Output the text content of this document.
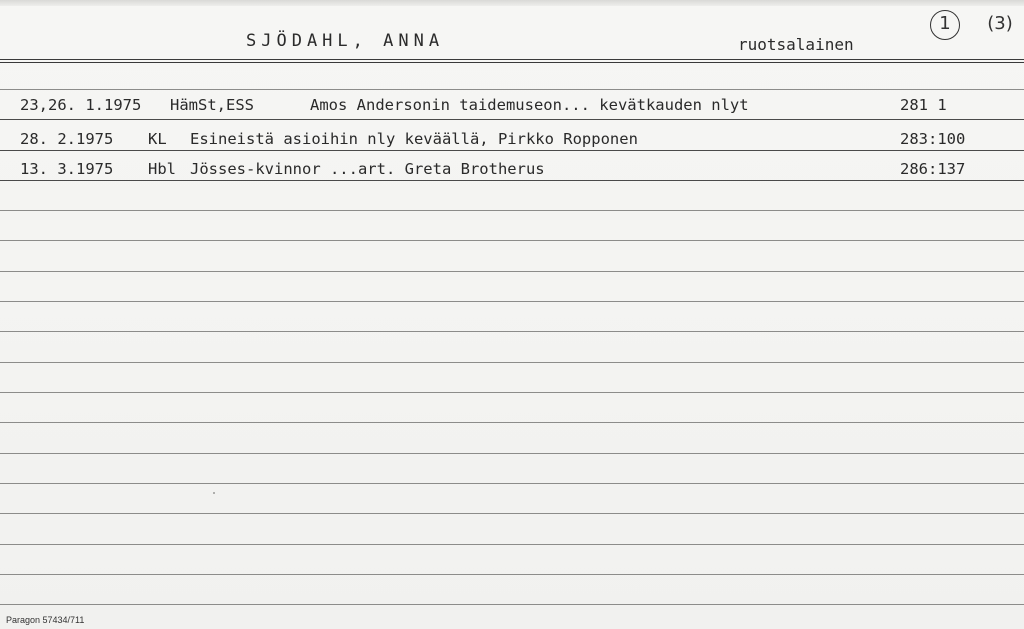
SJÖDAHL, ANNA	ruotsalainen
1	(3)
23,26. 1.1975 HämSt,ESS	Amos Andersonin taidemuseon... kevätkauden nlyt	281 1
28. 2.1975 KL Esineistä asioihin nly keväällä, Pirkko Ropponen	283:100
13. 3.1975 Hbl Jösses-kvinnor ...art. Greta Brotherus	286:137
Paragon 57434/711
